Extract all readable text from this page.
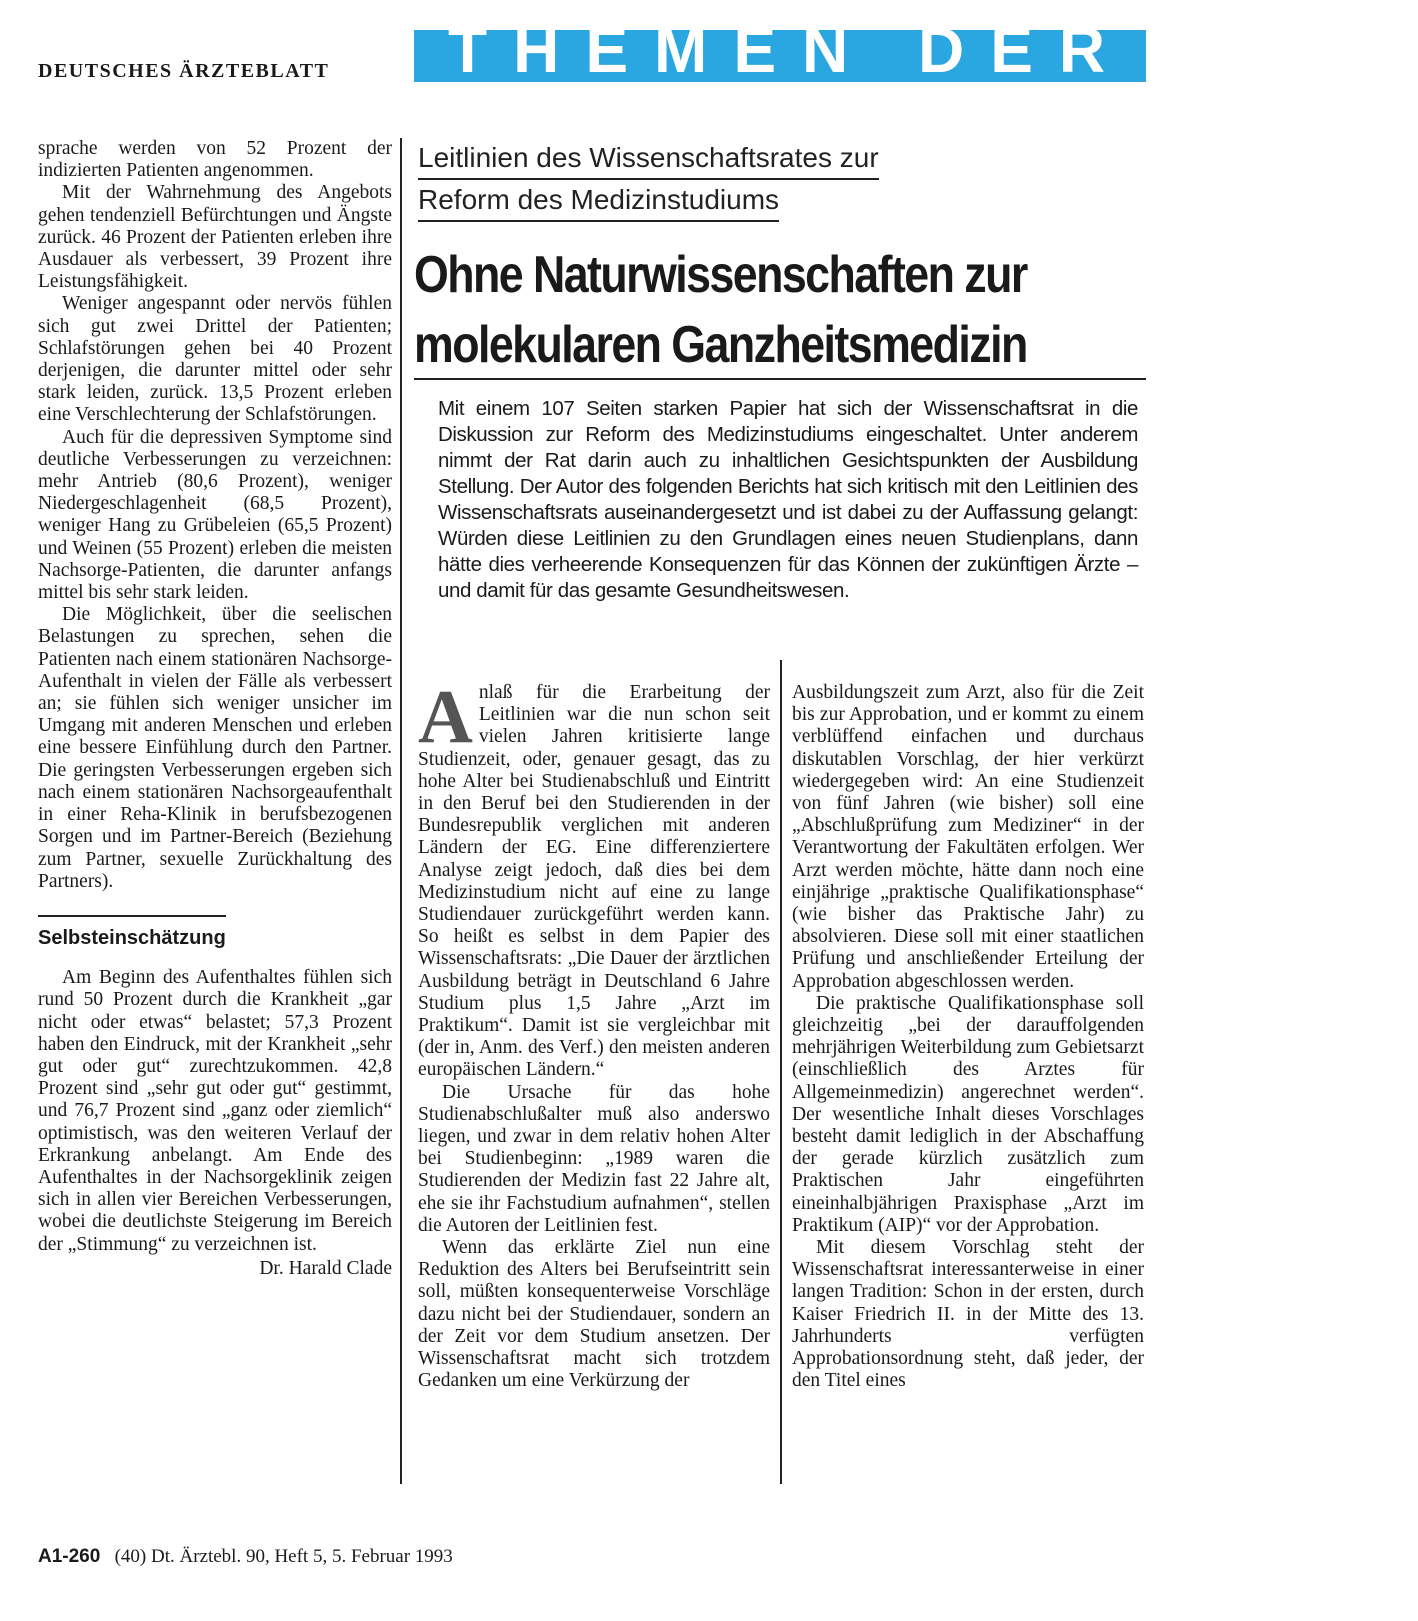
DEUTSCHES ÄRZTEBLATT	THEMEN DER ZEIT

sprache werden von 52 Prozent der indizierten Patienten angenommen.

Mit der Wahrnehmung des Angebots gehen tendenziell Befürchtungen und Ängste zurück. 46 Prozent der Patienten erleben ihre Ausdauer als verbessert, 39 Prozent ihre Leistungsfähigkeit.

Weniger angespannt oder nervös fühlen sich gut zwei Drittel der Patienten; Schlafstörungen gehen bei 40 Prozent derjenigen, die darunter mittel oder sehr stark leiden, zurück. 13,5 Prozent erleben eine Verschlechterung der Schlafstörungen.

Auch für die depressiven Symptome sind deutliche Verbesserungen zu verzeichnen: mehr Antrieb (80,6 Prozent), weniger Niedergeschlagenheit (68,5 Prozent), weniger Hang zu Grübeleien (65,5 Prozent) und Weinen (55 Prozent) erleben die meisten Nachsorge-Patienten, die darunter anfangs mittel bis sehr stark leiden.

Die Möglichkeit, über die seelischen Belastungen zu sprechen, sehen die Patienten nach einem stationären Nachsorge-Aufenthalt in vielen der Fälle als verbessert an; sie fühlen sich weniger unsicher im Umgang mit anderen Menschen und erleben eine bessere Einfühlung durch den Partner. Die geringsten Verbesserungen ergeben sich nach einem stationären Nachsorgeaufenthalt in einer Reha-Klinik in berufsbezogenen Sorgen und im Partner-Bereich (Beziehung zum Partner, sexuelle Zurückhaltung des Partners).

Selbsteinschätzung

Am Beginn des Aufenthaltes fühlen sich rund 50 Prozent durch die Krankheit „gar nicht oder etwas“ belastet; 57,3 Prozent haben den Eindruck, mit der Krankheit „sehr gut oder gut“ zurechtzukommen. 42,8 Prozent sind „sehr gut oder gut“ gestimmt, und 76,7 Prozent sind „ganz oder ziemlich“ optimistisch, was den weiteren Verlauf der Erkrankung anbelangt. Am Ende des Aufenthaltes in der Nachsorgeklinik zeigen sich in allen vier Bereichen Verbesserungen, wobei die deutlichste Steigerung im Bereich der „Stimmung“ zu verzeichnen ist.

Dr. Harald Clade
Leitlinien des Wissenschaftsrates zur
Reform des Medizinstudiums
Ohne Naturwissenschaften zur
molekularen Ganzheitsmedizin
Mit einem 107 Seiten starken Papier hat sich der Wissenschaftsrat in die Diskussion zur Reform des Medizinstudiums eingeschaltet. Unter anderem nimmt der Rat darin auch zu inhaltlichen Gesichtspunkten der Ausbildung Stellung. Der Autor des folgenden Berichts hat sich kritisch mit den Leitlinien des Wissenschaftsrats auseinandergesetzt und ist dabei zu der Auffassung gelangt: Würden diese Leitlinien zu den Grundlagen eines neuen Studienplans, dann hätte dies verheerende Konsequenzen für das Können der zukünftigen Ärzte – und damit für das gesamte Gesundheitswesen.

Anlaß für die Erarbeitung der Leitlinien war die nun schon seit vielen Jahren kritisierte lange Studienzeit, oder, genauer gesagt, das zu hohe Alter bei Studienabschluß und Eintritt in den Beruf bei den Studierenden in der Bundesrepublik verglichen mit anderen Ländern der EG. Eine differenziertere Analyse zeigt jedoch, daß dies bei dem Medizinstudium nicht auf eine zu lange Studiendauer zurückgeführt werden kann. So heißt es selbst in dem Papier des Wissenschaftsrats: „Die Dauer der ärztlichen Ausbildung beträgt in Deutschland 6 Jahre Studium plus 1,5 Jahre „Arzt im Praktikum“. Damit ist sie vergleichbar mit (der in, Anm. des Verf.) den meisten anderen europäischen Ländern.“

Die Ursache für das hohe Studienabschlußalter muß also anderswo liegen, und zwar in dem relativ hohen Alter bei Studienbeginn: „1989 waren die Studierenden der Medizin fast 22 Jahre alt, ehe sie ihr Fachstudium aufnahmen“, stellen die Autoren der Leitlinien fest.

Wenn das erklärte Ziel nun eine Reduktion des Alters bei Berufseintritt sein soll, müßten konsequenterweise Vorschläge dazu nicht bei der Studiendauer, sondern an der Zeit vor dem Studium ansetzen. Der Wissenschaftsrat macht sich trotzdem Gedanken um eine Verkürzung der

Ausbildungszeit zum Arzt, also für die Zeit bis zur Approbation, und er kommt zu einem verblüffend einfachen und durchaus diskutablen Vorschlag, der hier verkürzt wiedergegeben wird: An eine Studienzeit von fünf Jahren (wie bisher) soll eine „Abschlußprüfung zum Mediziner“ in der Verantwortung der Fakultäten erfolgen. Wer Arzt werden möchte, hätte dann noch eine einjährige „praktische Qualifikationsphase“ (wie bisher das Praktische Jahr) zu absolvieren. Diese soll mit einer staatlichen Prüfung und anschließender Erteilung der Approbation abgeschlossen werden.

Die praktische Qualifikationsphase soll gleichzeitig „bei der darauffolgenden mehrjährigen Weiterbildung zum Gebietsarzt (einschließlich des Arztes für Allgemeinmedizin) angerechnet werden“. Der wesentliche Inhalt dieses Vorschlages besteht damit lediglich in der Abschaffung der gerade kürzlich zusätzlich zum Praktischen Jahr eingeführten eineinhalbjährigen Praxisphase „Arzt im Praktikum (AIP)“ vor der Approbation.

Mit diesem Vorschlag steht der Wissenschaftsrat interessanterweise in einer langen Tradition: Schon in der ersten, durch Kaiser Friedrich II. in der Mitte des 13. Jahrhunderts verfügten Approbationsordnung steht, daß jeder, der den Titel eines

A1-260 (40) Dt. Ärztebl. 90, Heft 5, 5. Februar 1993
